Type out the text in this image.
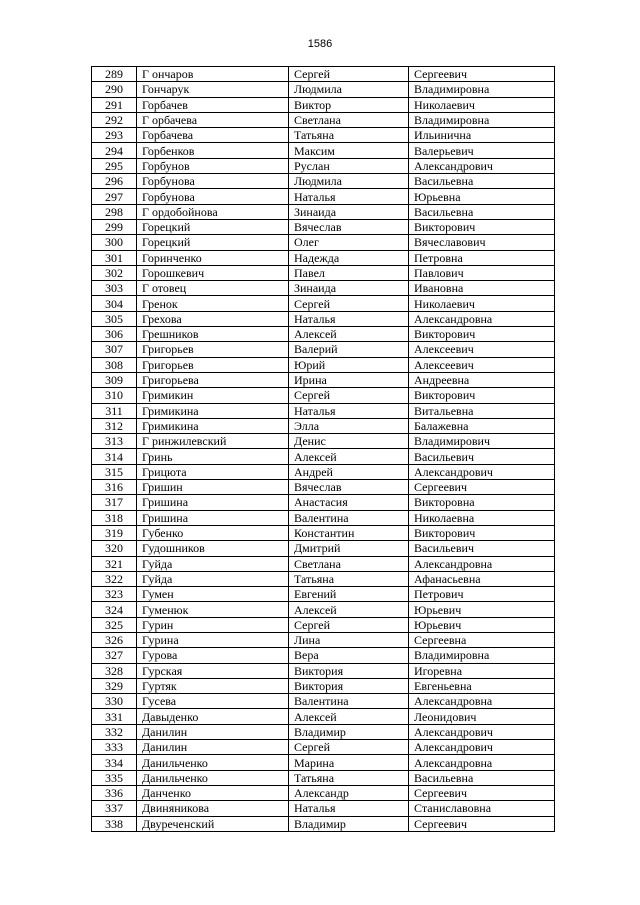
1586
289	Г ончаров	Сергей	Сергеевич
290	Гончарук	Людмила	Владимировна
291	Горбачев	Виктор	Николаевич
292	Г орбачева	Светлана	Владимировна
293	Горбачева	Татьяна	Ильинична
294	Горбенков	Максим	Валерьевич
295	Горбунов	Руслан	Александрович
296	Горбунова	Людмила	Васильевна
297	Горбунова	Наталья	Юрьевна
298	Г ордобойнова	Зинаида	Васильевна
299	Горецкий	Вячеслав	Викторович
300	Горецкий	Олег	Вячеславович
301	Горинченко	Надежда	Петровна
302	Горошкевич	Павел	Павлович
303	Г отовец	Зинаида	Ивановна
304	Гренок	Сергей	Николаевич
305	Грехова	Наталья	Александровна
306	Грешников	Алексей	Викторович
307	Григорьев	Валерий	Алексеевич
308	Григорьев	Юрий	Алексеевич
309	Григорьева	Ирина	Андреевна
310	Гримикин	Сергей	Викторович
311	Гримикина	Наталья	Витальевна
312	Гримикина	Элла	Балажевна
313	Г ринжилевский	Денис	Владимирович
314	Гринь	Алексей	Васильевич
315	Грицюта	Андрей	Александрович
316	Гришин	Вячеслав	Сергеевич
317	Гришина	Анастасия	Викторовна
318	Гришина	Валентина	Николаевна
319	Губенко	Константин	Викторович
320	Гудошников	Дмитрий	Васильевич
321	Гуйда	Светлана	Александровна
322	Гуйда	Татьяна	Афанасьевна
323	Гумен	Евгений	Петрович
324	Гуменюк	Алексей	Юрьевич
325	Гурин	Сергей	Юрьевич
326	Гурина	Лина	Сергеевна
327	Гурова	Вера	Владимировна
328	Гурская	Виктория	Игоревна
329	Гуртяк	Виктория	Евгеньевна
330	Гусева	Валентина	Александровна
331	Давыденко	Алексей	Леонидович
332	Данилин	Владимир	Александрович
333	Данилин	Сергей	Александрович
334	Данильченко	Марина	Александровна
335	Данильченко	Татьяна	Васильевна
336	Данченко	Александр	Сергеевич
337	Двиняникова	Наталья	Станиславовна
338	Двуреченский	Владимир	Сергеевич
